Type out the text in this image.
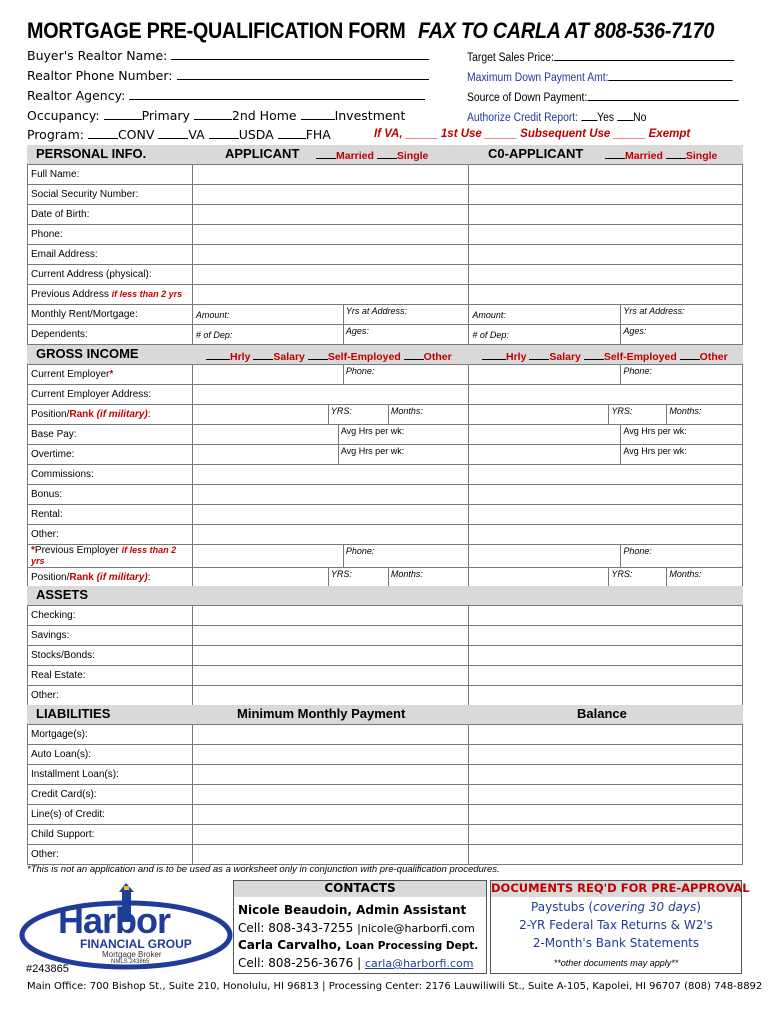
MORTGAGE PRE-QUALIFICATION FORM FAX TO CARLA AT 808-536-7170
Buyer's Realtor Name:
Realtor Phone Number:
Realtor Agency:
Occupancy:	Primary	2nd Home	Investment
Program:	CONV	VA	USDA	FHA	If VA, _____ 1st Use _____ Subsequent Use _____ Exempt
Target Sales Price:
Maximum Down Payment Amt:
Source of Down Payment:
Authorize Credit Report: Yes No
PERSONAL INFO.	APPLICANT	Married Single	C0-APPLICANT	Married Single
Full Name:		
Social Security Number:		
Date of Birth:		
Phone:		
Email Address:		
Current Address (physical):		
Previous Address if less than 2 yrs		
Monthly Rent/Mortgage:	Amount: Yrs at Address:	Amount: Yrs at Address:

Dependents:	# of Dep: Ages:	# of Dep: Ages:
GROSS INCOME	Hrly Salary Self-Employed Other	Hrly Salary Self-Employed Other
Current Employer*	Phone:	Phone:

Current Employer Address:		
Position/Rank (if military):	YRS: Months:	YRS: Months:

Base Pay:	Avg Hrs per wk:	Avg Hrs per wk:

Overtime:	Avg Hrs per wk:	Avg Hrs per wk:

Commissions:		
Bonus:		
Rental:		
Other:		
*Previous Employer if less than 2 yrs	Phone:	Phone:

Position/Rank (if military):	YRS: Months:	YRS: Months:
ASSETS
Checking:		
Savings:		
Stocks/Bonds:		
Real Estate:		
Other:		
LIABILITIES	Minimum Monthly Payment	Balance
Mortgage(s):		
Auto Loan(s):		
Installment Loan(s):		
Credit Card(s):		
Line(s) of Credit:		
Child Support:		
Other:		
*This is not an application and is to be used as a worksheet only in conjunction with pre-qualification procedures.
Harbor
FINANCIAL GROUP
Mortgage Broker
NMLS 243865
#243865
CONTACTS
Nicole Beaudoin, Admin Assistant
Cell: 808-343-7255 |nicole@harborfi.com
Carla Carvalho, Loan Processing Dept.
Cell: 808-256-3676 | carla@harborfi.com
DOCUMENTS REQ'D FOR PRE-APPROVAL
Paystubs (covering 30 days)
2-YR Federal Tax Returns & W2's
2-Month's Bank Statements
**other documents may apply**
Main Office: 700 Bishop St., Suite 210, Honolulu, HI 96813 | Processing Center: 2176 Lauwiliwili St., Suite A-105, Kapolei, HI 96707 (808) 748-8892
